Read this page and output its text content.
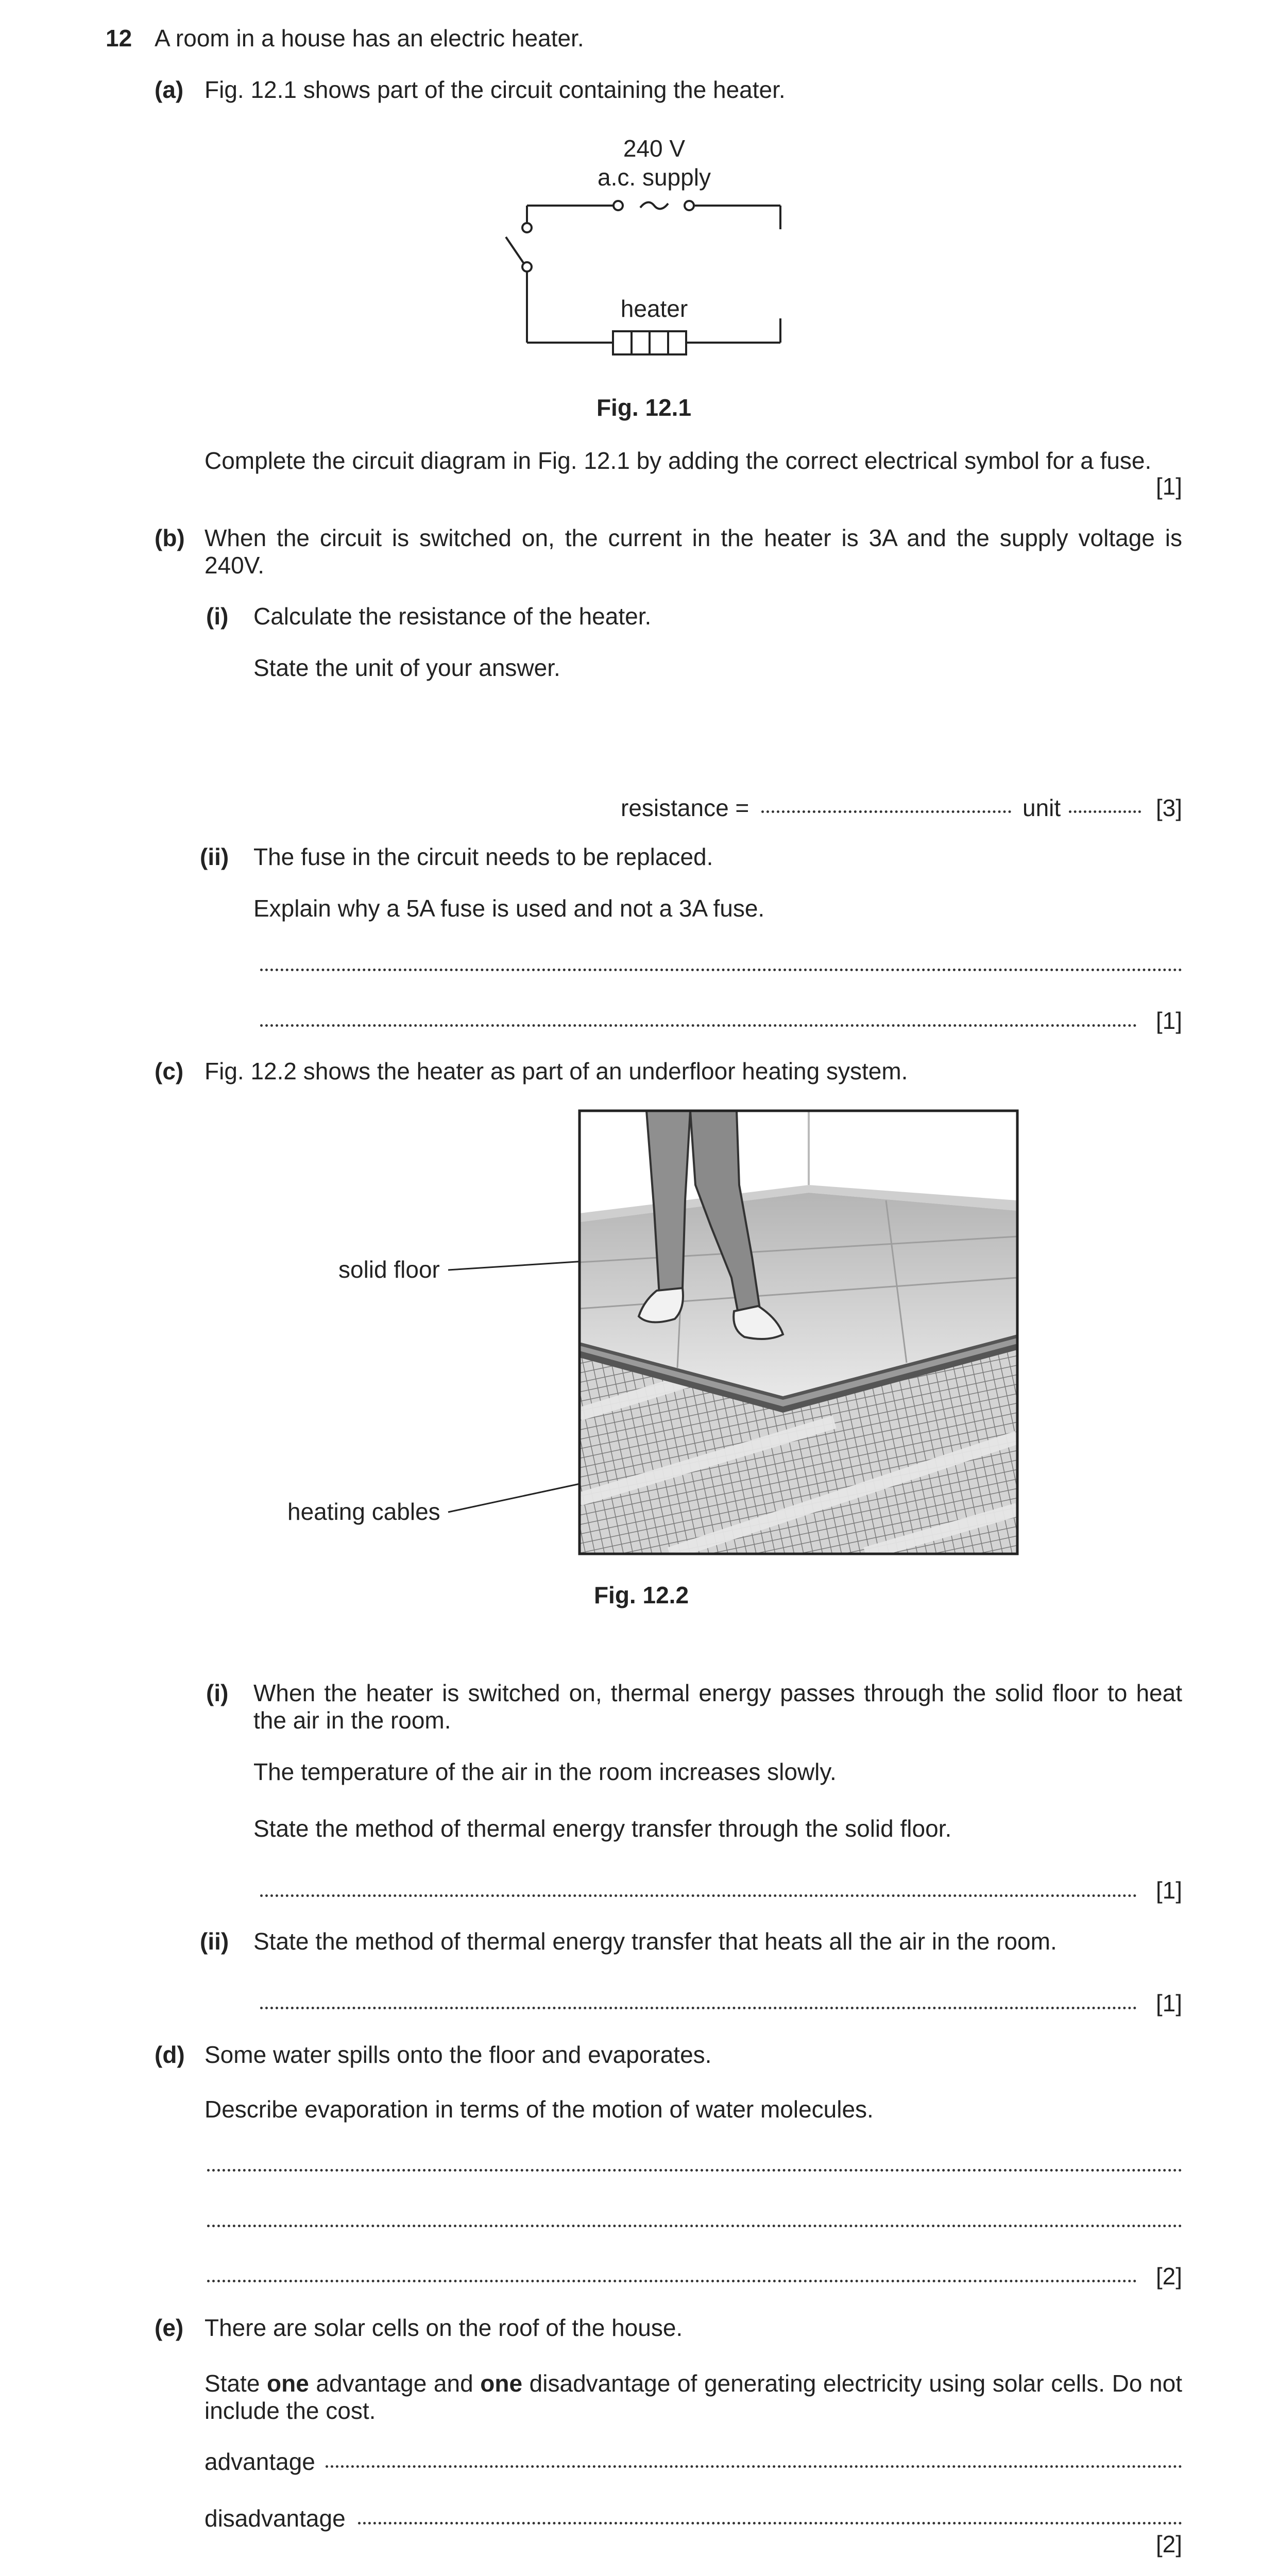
12 A room in a house has an electric heater.
(a) Fig. 12.1 shows part of the circuit containing the heater.
240 V
a.c. supply
heater
Fig. 12.1
Complete the circuit diagram in Fig. 12.1 by adding the correct electrical symbol for a fuse.
[1]
(b) When the circuit is switched on, the current in the heater is 3A and the supply voltage is 240V.
(i) Calculate the resistance of the heater.
State the unit of your answer.
resistance =	unit	[3]
(ii) The fuse in the circuit needs to be replaced.
Explain why a 5A fuse is used and not a 3A fuse.
[1]
(c) Fig. 12.2 shows the heater as part of an underfloor heating system.
solid floor
heating cables
Fig. 12.2
(i) When the heater is switched on, thermal energy passes through the solid floor to heat the air in the room.
The temperature of the air in the room increases slowly.
State the method of thermal energy transfer through the solid floor.
[1]
(ii) State the method of thermal energy transfer that heats all the air in the room.
[1]
(d) Some water spills onto the floor and evaporates.
Describe evaporation in terms of the motion of water molecules.
[2]
(e) There are solar cells on the roof of the house.
State one advantage and one disadvantage of generating electricity using solar cells. Do not include the cost.
advantage
disadvantage
[2]
